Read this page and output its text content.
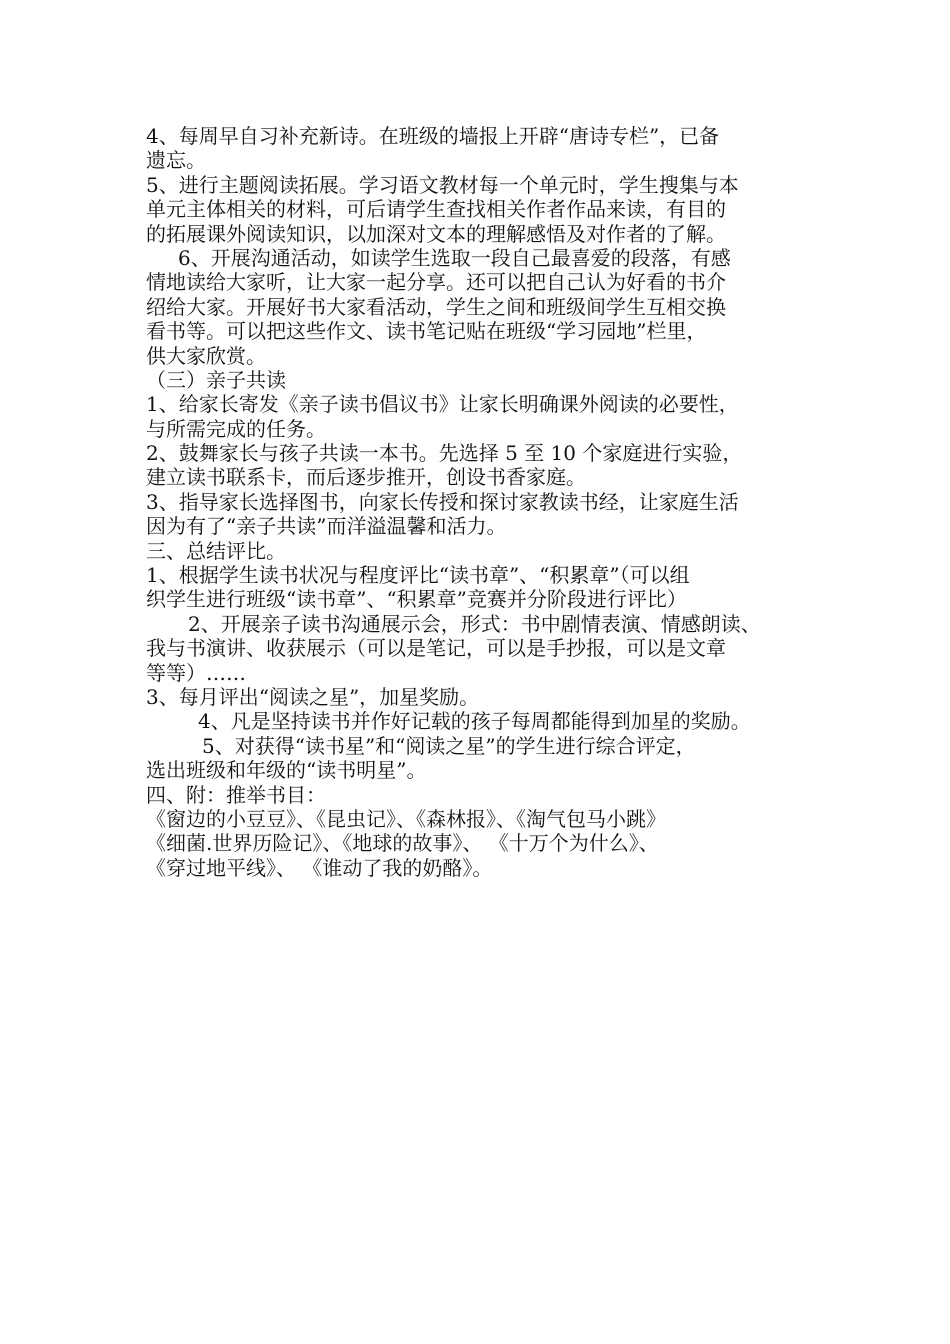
4、每周早自习补充新诗。在班级的墙报上开辟“唐诗专栏”，已备
遗忘。
5、进行主题阅读拓展。学习语文教材每一个单元时，学生搜集与本
单元主体相关的材料，可后请学生查找相关作者作品来读，有目的
的拓展课外阅读知识，以加深对文本的理解感悟及对作者的了解。
6、开展沟通活动，如读学生选取一段自己最喜爱的段落，有感
情地读给大家听，让大家一起分享。还可以把自己认为好看的书介
绍给大家。开展好书大家看活动，学生之间和班级间学生互相交换
看书等。可以把这些作文、读书笔记贴在班级“学习园地”栏里，
供大家欣赏。
（三）亲子共读
1、给家长寄发《亲子读书倡议书》让家长明确课外阅读的必要性，
与所需完成的任务。
2、鼓舞家长与孩子共读一本书。先选择 5 至 10 个家庭进行实验，
建立读书联系卡，而后逐步推开，创设书香家庭。
3、指导家长选择图书，向家长传授和探讨家教读书经，让家庭生活
因为有了“亲子共读”而洋溢温馨和活力。
三、总结评比。
1、根据学生读书状况与程度评比“读书章”、“积累章”（可以组
织学生进行班级“读书章”、“积累章”竞赛并分阶段进行评比）
2、开展亲子读书沟通展示会，形式：书中剧情表演、情感朗读、
我与书演讲、收获展示（可以是笔记，可以是手抄报，可以是文章
等等）……
3、每月评出“阅读之星”，加星奖励。
4、凡是坚持读书并作好记载的孩子每周都能得到加星的奖励。
5、对获得“读书星”和“阅读之星”的学生进行综合评定，
选出班级和年级的“读书明星”。
四、附：推举书目：
《窗边的小豆豆》、《昆虫记》、《森林报》、《淘气包马小跳》
《细菌.世界历险记》、《地球的故事》、 《十万个为什么》、
《穿过地平线》、 《谁动了我的奶酪》。
